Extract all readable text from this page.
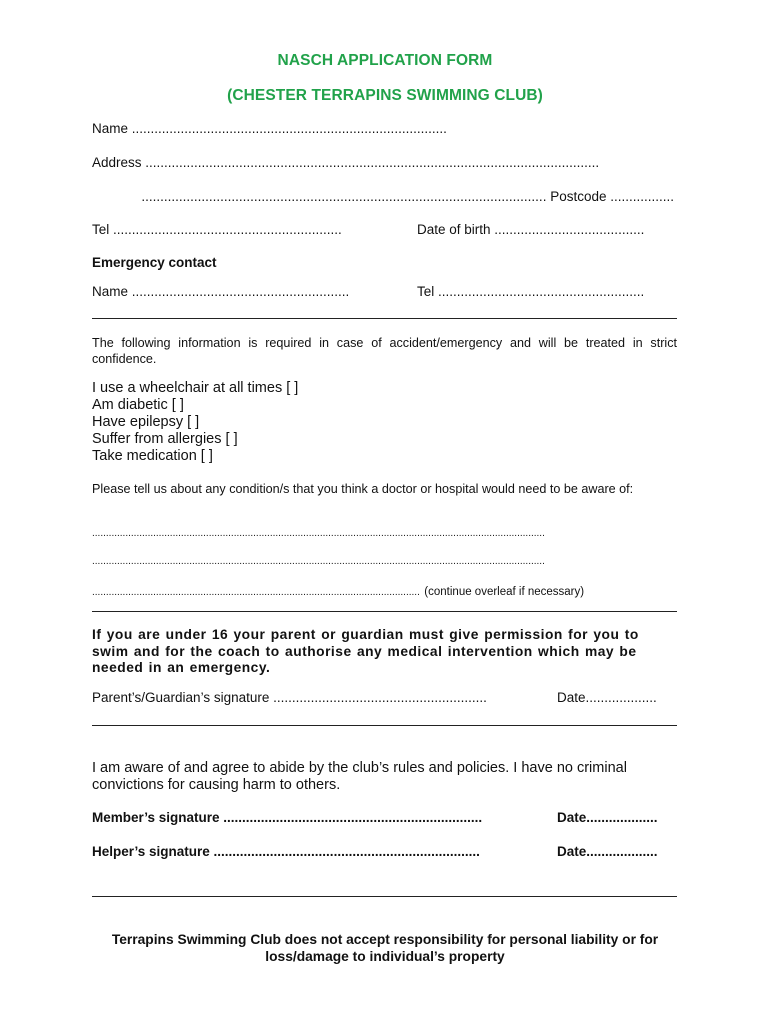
NASCH APPLICATION FORM
(CHESTER TERRAPINS SWIMMING CLUB)
Name ....................................................................................
Address .........................................................................................................................
............................................................................................................ Postcode .................
Tel .............................................................	Date of birth ........................................
Emergency contact
Name ..........................................................	Tel .......................................................
The following information is required in case of accident/emergency and will be treated in strict confidence.
I use a wheelchair at all times [ ]
Am diabetic [ ]
Have epilepsy [ ]
Suffer from allergies [ ]
Take medication [ ]
Please tell us about any condition/s that you think a doctor or hospital would need to be aware of:
...................................................................................................................................................................
...................................................................................................................................................................
...................................................................................................................... (continue overleaf if necessary)
If you are under 16 your parent or guardian must give permission for you to swim and for the coach to authorise any medical intervention which may be needed in an emergency.
Parent’s/Guardian’s signature .........................................................	Date...................
I am aware of and agree to abide by the club’s rules and policies. I have no criminal convictions for causing harm to others.
Member’s signature .....................................................................	Date...................
Helper’s signature .......................................................................	Date...................
Terrapins Swimming Club does not accept responsibility for personal liability or for loss/damage to individual’s property
